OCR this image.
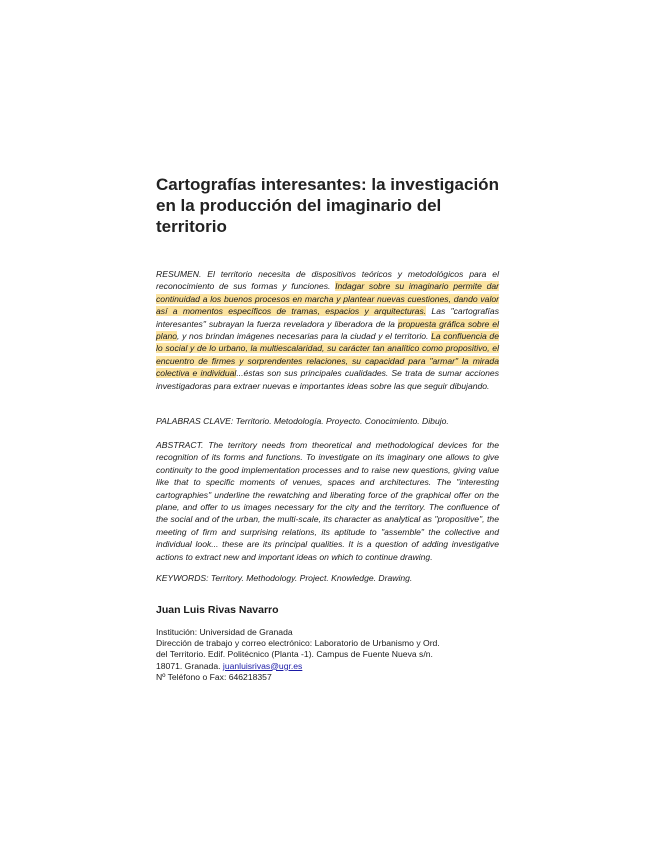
Cartografías interesantes: la investigación en la producción del imaginario del territorio

RESUMEN. El territorio necesita de dispositivos teóricos y metodológicos para el reconocimiento de sus formas y funciones. Indagar sobre su imaginario permite dar continuidad a los buenos procesos en marcha y plantear nuevas cuestiones, dando valor así a momentos específicos de tramas, espacios y arquitecturas. Las "cartografías interesantes" subrayan la fuerza reveladora y liberadora de la propuesta gráfica sobre el plano, y nos brindan imágenes necesarias para la ciudad y el territorio. La confluencia de lo social y de lo urbano, la multiescalaridad, su carácter tan analítico como propositivo, el encuentro de firmes y sorprendentes relaciones, su capacidad para "armar" la mirada colectiva e individual...éstas son sus principales cualidades. Se trata de sumar acciones investigadoras para extraer nuevas e importantes ideas sobre las que seguir dibujando.

PALABRAS CLAVE: Territorio. Metodología. Proyecto. Conocimiento. Dibujo.

ABSTRACT. The territory needs from theoretical and methodological devices for the recognition of its forms and functions. To investigate on its imaginary one allows to give continuity to the good implementation processes and to raise new questions, giving value like that to specific moments of venues, spaces and architectures. The "interesting cartographies" underline the rewatching and liberating force of the graphical offer on the plane, and offer to us images necessary for the city and the territory. The confluence of the social and of the urban, the multi-scale, its character as analytical as "propositive", the meeting of firm and surprising relations, its aptitude to "assemble" the collective and individual look... these are its principal qualities. It is a question of adding investigative actions to extract new and important ideas on which to continue drawing.

KEYWORDS: Territory. Methodology. Project. Knowledge. Drawing.

Juan Luis Rivas Navarro

Institución: Universidad de Granada
Dirección de trabajo y correo electrónico: Laboratorio de Urbanismo y Ord.
del Territorio. Edif. Politécnico (Planta -1). Campus de Fuente Nueva s/n.
18071. Granada. juanluisrivas@ugr.es
Nº Teléfono o Fax: 646218357
